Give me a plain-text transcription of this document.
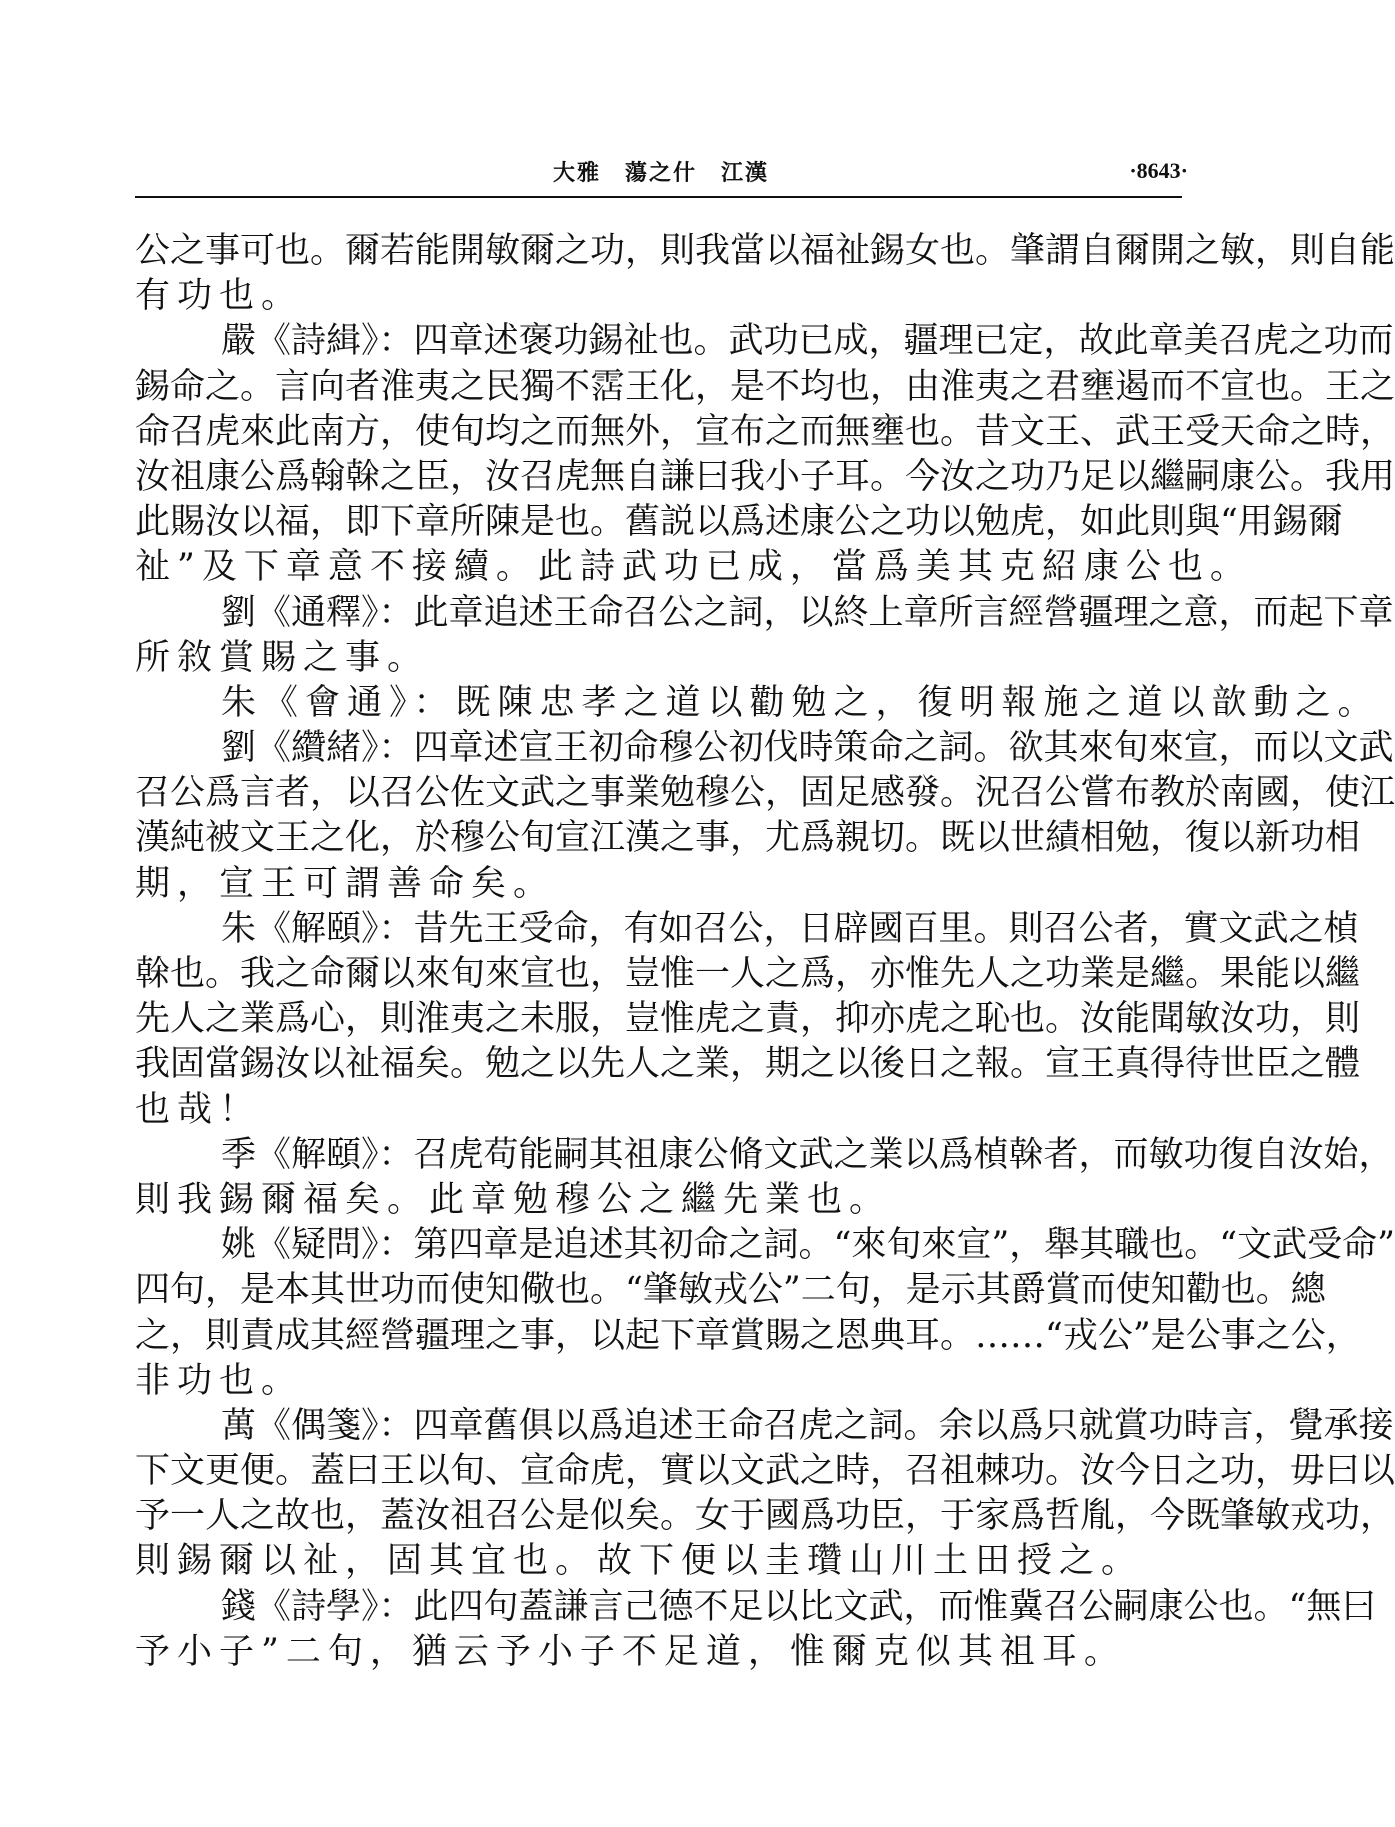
大雅　蕩之什　江漢	·8643·
公之事可也。爾若能開敏爾之功，則我當以福祉錫女也。肇謂自爾開之敏，則自能
有功也。
嚴《詩緝》：四章述褒功錫祉也。武功已成，疆理已定，故此章美召虎之功而
錫命之。言向者淮夷之民獨不霑王化，是不均也，由淮夷之君壅遏而不宣也。王之
命召虎來此南方，使旬均之而無外，宣布之而無壅也。昔文王、武王受天命之時，
汝祖康公爲翰榦之臣，汝召虎無自謙曰我小子耳。今汝之功乃足以繼嗣康公。我用
此賜汝以福，即下章所陳是也。舊説以爲述康公之功以勉虎，如此則與“用錫爾
祉”及下章意不接續。此詩武功已成，當爲美其克紹康公也。
劉《通釋》：此章追述王命召公之詞，以終上章所言經營疆理之意，而起下章
所敘賞賜之事。
朱《會通》：既陳忠孝之道以勸勉之，復明報施之道以歆動之。
劉《纘緒》：四章述宣王初命穆公初伐時策命之詞。欲其來旬來宣，而以文武
召公爲言者，以召公佐文武之事業勉穆公，固足感發。況召公嘗布教於南國，使江
漢純被文王之化，於穆公旬宣江漢之事，尤爲親切。既以世績相勉，復以新功相
期，宣王可謂善命矣。
朱《解頤》：昔先王受命，有如召公，日辟國百里。則召公者，實文武之楨
榦也。我之命爾以來旬來宣也，豈惟一人之爲，亦惟先人之功業是繼。果能以繼
先人之業爲心，則淮夷之未服，豈惟虎之責，抑亦虎之恥也。汝能聞敏汝功，則
我固當錫汝以祉福矣。勉之以先人之業，期之以後日之報。宣王真得待世臣之體
也哉！
季《解頤》：召虎苟能嗣其祖康公脩文武之業以爲楨榦者，而敏功復自汝始，
則我錫爾福矣。此章勉穆公之繼先業也。
姚《疑問》：第四章是追述其初命之詞。“來旬來宣”，舉其職也。“文武受命”
四句，是本其世功而使知儆也。“肇敏戎公”二句，是示其爵賞而使知勸也。總
之，則責成其經營疆理之事，以起下章賞賜之恩典耳。……“戎公”是公事之公，
非功也。
萬《偶箋》：四章舊俱以爲追述王命召虎之詞。余以爲只就賞功時言，覺承接
下文更便。蓋曰王以旬、宣命虎，實以文武之時，召祖棘功。汝今日之功，毋曰以
予一人之故也，蓋汝祖召公是似矣。女于國爲功臣，于家爲哲胤，今既肇敏戎功，
則錫爾以祉，固其宜也。故下便以圭瓚山川土田授之。
錢《詩學》：此四句蓋謙言己德不足以比文武，而惟冀召公嗣康公也。“無曰
予小子”二句，猶云予小子不足道，惟爾克似其祖耳。
